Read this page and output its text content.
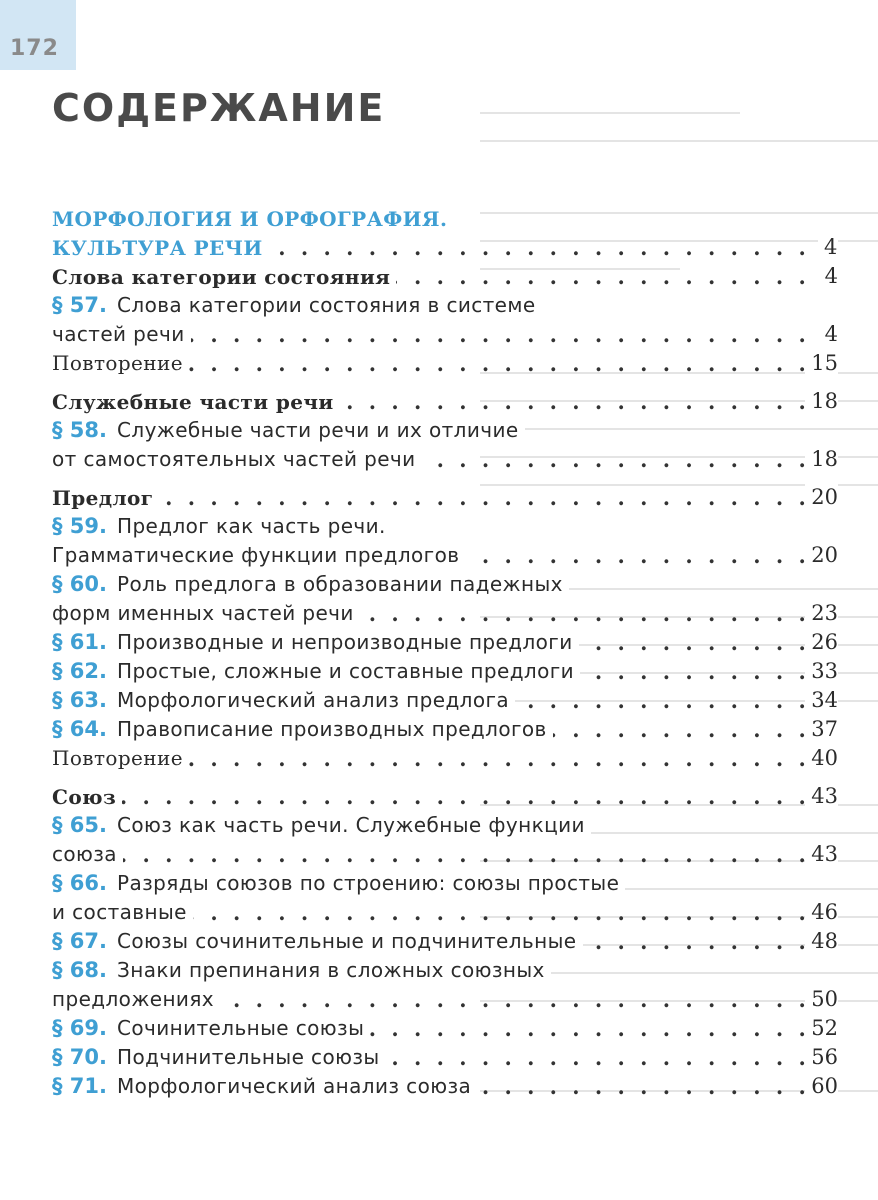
172
СОДЕРЖАНИЕ
МОРФОЛОГИЯ И ОРФОГРАФИЯ.
. . . КУЛЬТУРА РЕЧИ	4
. . . Слова категории состояния	4
§ 57. Слова категории состояния в системе
. . . частей речи	4
. . . Повторение	15
. . . Служебные части речи	18
§ 58. Служебные части речи и их отличие
. . . от самостоятельных частей речи	18
. . . Предлог	20
§ 59. Предлог как часть речи.
. . . Грамматические функции предлогов	20
§ 60. Роль предлога в образовании падежных
. . . форм именных частей речи	23
. . . § 61. Производные и непроизводные предлоги	26
. . . § 62. Простые, сложные и составные предлоги	33
. . . § 63. Морфологический анализ предлога	34
. . . § 64. Правописание производных предлогов	37
. . . Повторение	40
. . . Союз	43
§ 65. Союз как часть речи. Служебные функции
. . . союза	43
§ 66. Разряды союзов по строению: союзы простые
. . . и составные	46
. . . § 67. Союзы сочинительные и подчинительные	48
§ 68. Знаки препинания в сложных союзных
. . . предложениях	50
. . . § 69. Сочинительные союзы	52
. . . § 70. Подчинительные союзы	56
. . . § 71. Морфологический анализ союза	60
